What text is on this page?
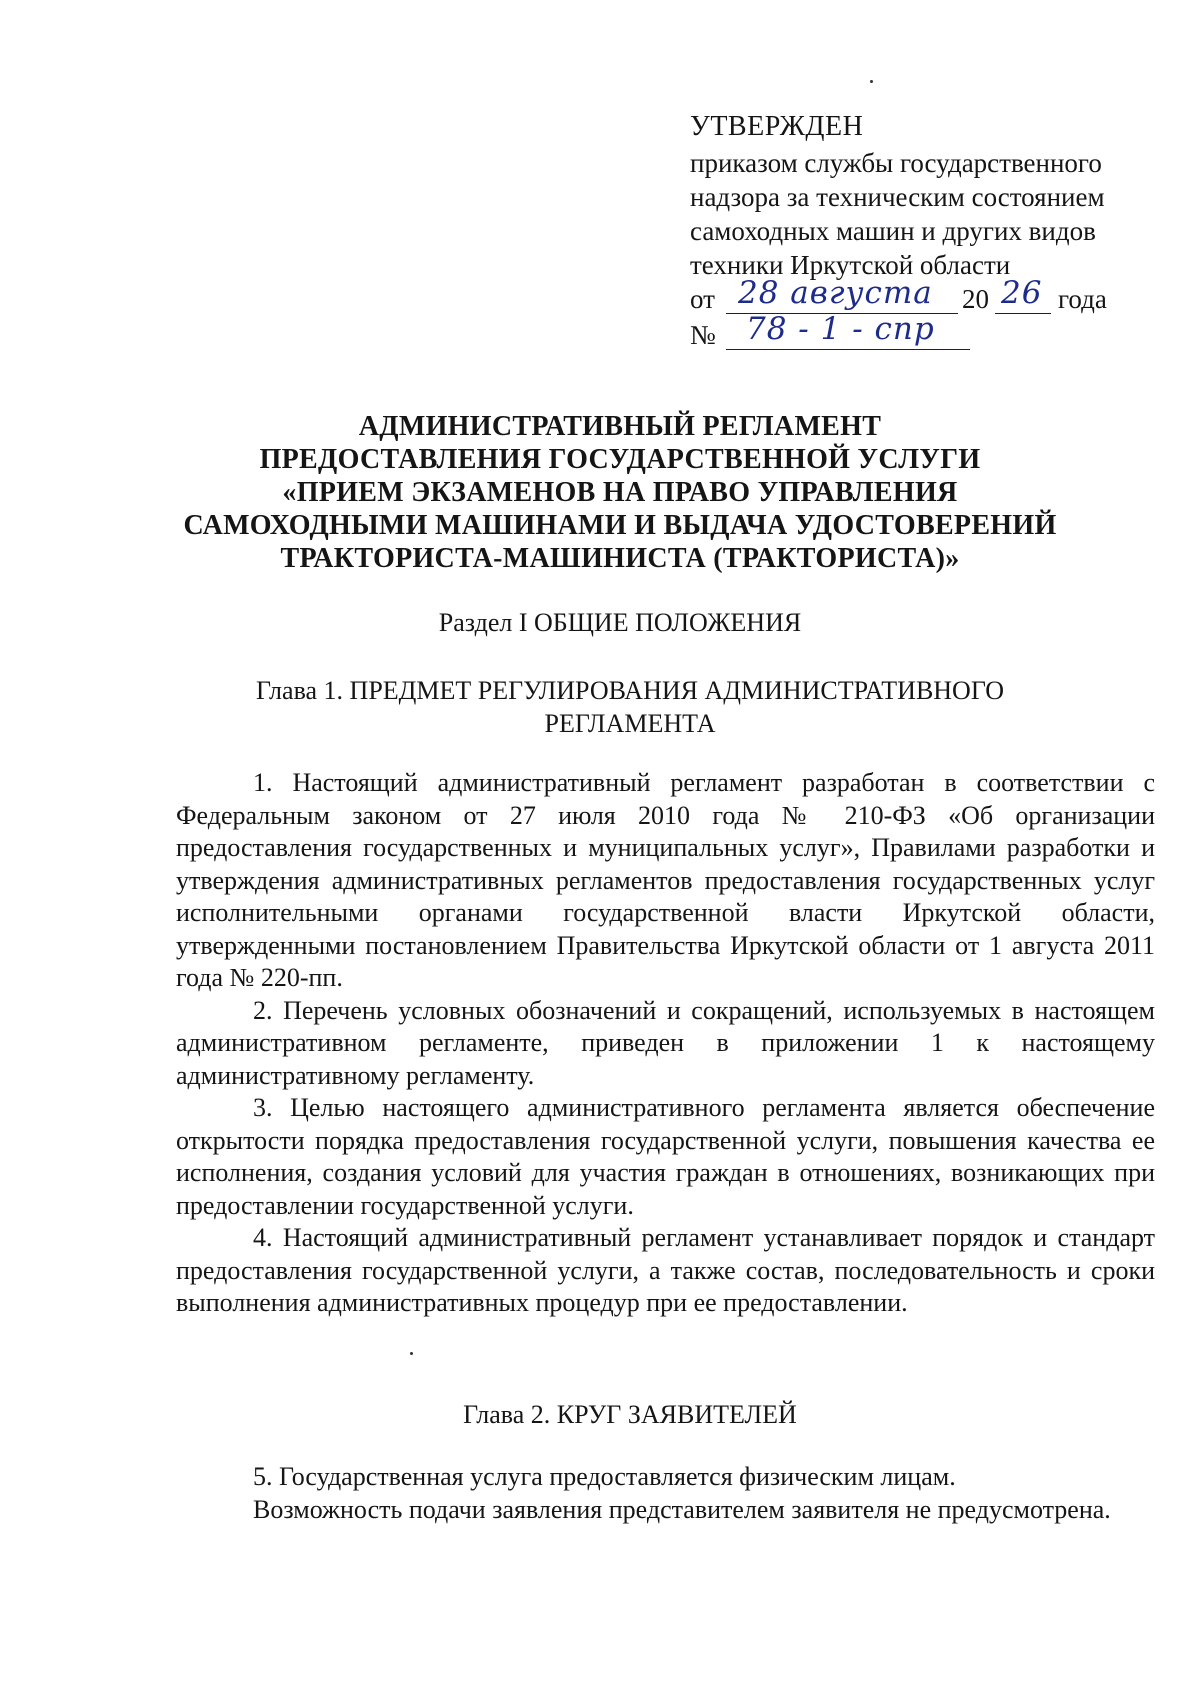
УТВЕРЖДЕН
приказом службы государственного
надзора за техническим состоянием
самоходных машин и других видов
техники Иркутской области
от 28 августа 20 26 года
№ 78 - 1 - спр
АДМИНИСТРАТИВНЫЙ РЕГЛАМЕНТ
ПРЕДОСТАВЛЕНИЯ ГОСУДАРСТВЕННОЙ УСЛУГИ
«ПРИЕМ ЭКЗАМЕНОВ НА ПРАВО УПРАВЛЕНИЯ
САМОХОДНЫМИ МАШИНАМИ И ВЫДАЧА УДОСТОВЕРЕНИЙ
ТРАКТОРИСТА-МАШИНИСТА (ТРАКТОРИСТА)»
Раздел I ОБЩИЕ ПОЛОЖЕНИЯ
Глава 1. ПРЕДМЕТ РЕГУЛИРОВАНИЯ АДМИНИСТРАТИВНОГО
РЕГЛАМЕНТА

1. Настоящий административный регламент разработан в соответствии с Федеральным законом от 27 июля 2010 года № 210-ФЗ «Об организации предоставления государственных и муниципальных услуг», Правилами разработки и утверждения административных регламентов предоставления государственных услуг исполнительными органами государственной власти Иркутской области, утвержденными постановлением Правительства Иркутской области от 1 августа 2011 года № 220-пп.

2. Перечень условных обозначений и сокращений, используемых в настоящем административном регламенте, приведен в приложении 1 к настоящему административному регламенту.

3. Целью настоящего административного регламента является обеспечение открытости порядка предоставления государственной услуги, повышения качества ее исполнения, создания условий для участия граждан в отношениях, возникающих при предоставлении государственной услуги.

4. Настоящий административный регламент устанавливает порядок и стандарт предоставления государственной услуги, а также состав, последовательность и сроки выполнения административных процедур при ее предоставлении.

Глава 2. КРУГ ЗАЯВИТЕЛЕЙ

5. Государственная услуга предоставляется физическим лицам.

Возможность подачи заявления представителем заявителя не предусмотрена.
